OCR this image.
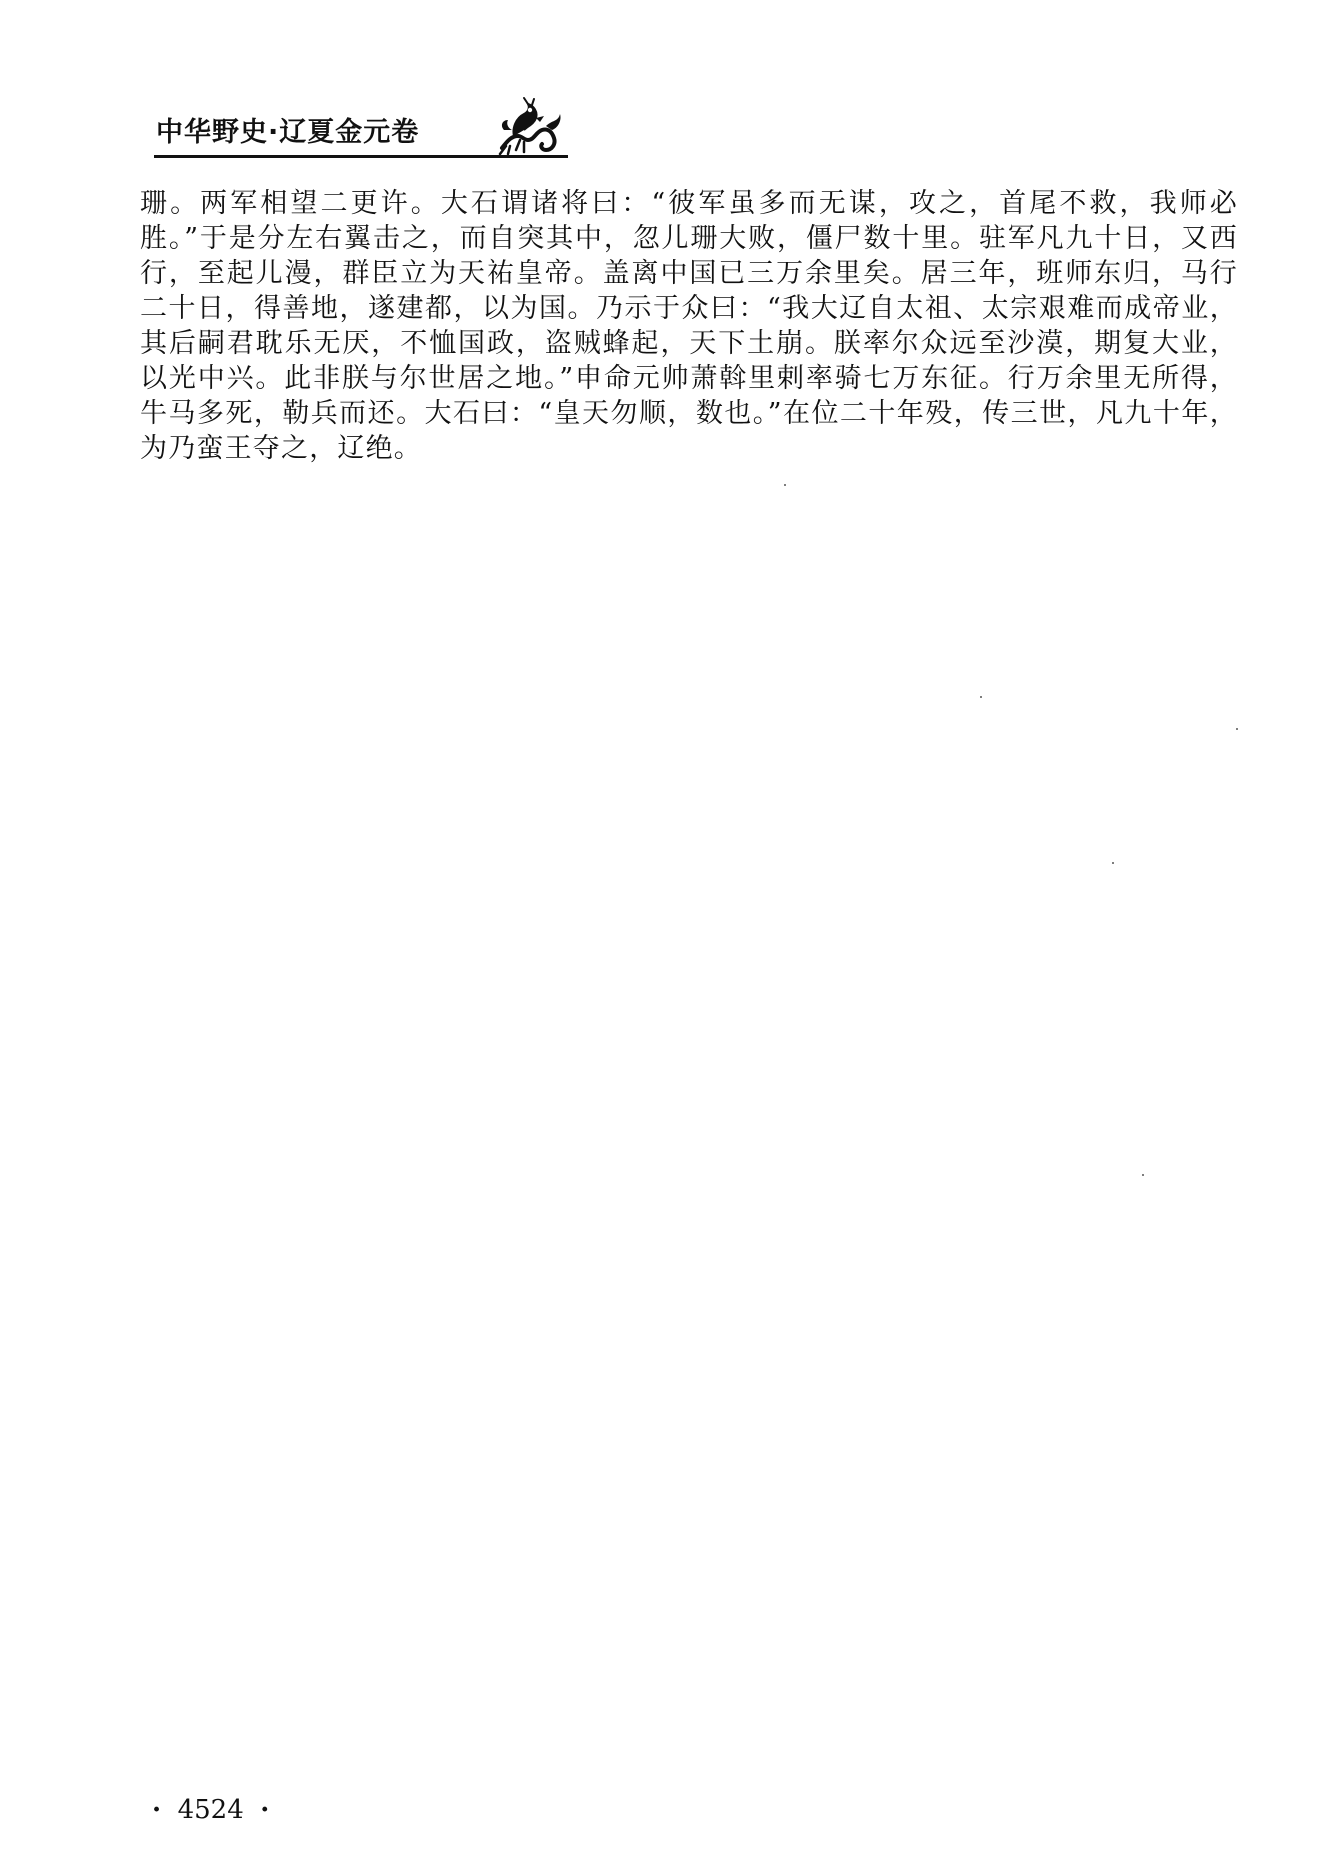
中华野史·辽夏金元卷
珊。两军相望二更许。大石谓诸将曰：“彼军虽多而无谋，攻之，首尾不救，我师必胜。”于是分左右翼击之，而自突其中，忽儿珊大败，僵尸数十里。驻军凡九十日，又西行，至起儿漫，群臣立为天祐皇帝。盖离中国已三万余里矣。居三年，班师东归，马行二十日，得善地，遂建都，以为国。乃示于众曰：“我大辽自太祖、太宗艰难而成帝业，其后嗣君耽乐无厌，不恤国政，盗贼蜂起，天下土崩。朕率尔众远至沙漠，期复大业，以光中兴。此非朕与尔世居之地。”申命元帅萧斡里剌率骑七万东征。行万余里无所得，牛马多死，勒兵而还。大石曰：“皇天勿顺，数也。”在位二十年殁，传三世，凡九十年，为乃蛮王夺之，辽绝。
· 4524 ·
